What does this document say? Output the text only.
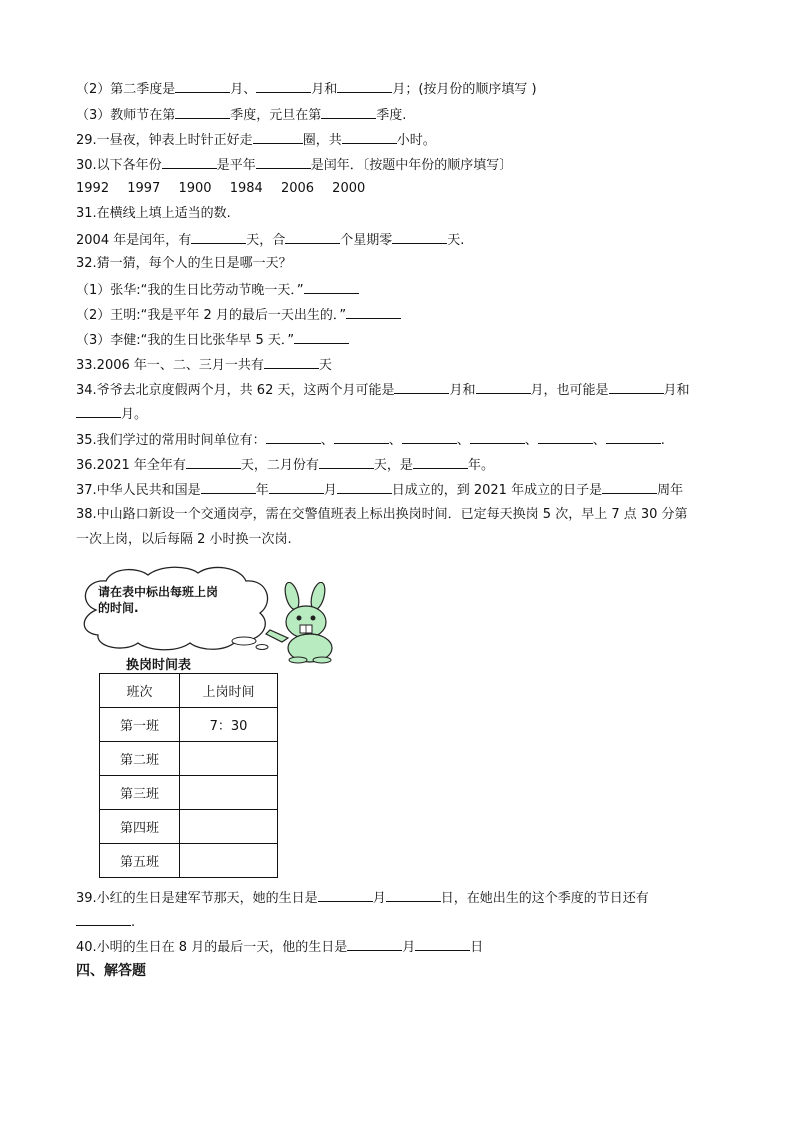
（2）第二季度是	月、	月和	月；(按月份的顺序填写 )
（3）教师节在第	季度，元旦在第	季度.
29.一昼夜，钟表上时针正好走	圈，共	小时。
30.以下各年份	是平年	是闰年．〔按题中年份的顺序填写〕
1992 1997 1900 1984 2006 2000
31.在横线上填上适当的数.
2004 年是闰年，有	天，合	个星期零	天.
32.猜一猜，每个人的生日是哪一天？
（1）张华:“我的生日比劳动节晚一天．”
（2）王明:“我是平年 2 月的最后一天出生的．”
（3）李健:“我的生日比张华早 5 天．”
33.2006 年一、二、三月一共有	天
34.爷爷去北京度假两个月，共 62 天，这两个月可能是	月和	月，也可能是	月和
月。
35.我们学过的常用时间单位有：	、	、	、	、	、	.
36.2021 年全年有	天，二月份有	天，是	年。
37.中华人民共和国是	年	月	日成立的，到 2021 年成立的日子是	周年
38.中山路口新设一个交通岗亭，需在交警值班表上标出换岗时间．已定每天换岗 5 次，早上 7 点 30 分第
一次上岗，以后每隔 2 小时换一次岗.
请在表中标出每班上岗
的时间.
换岗时间表
班次	上岗时间
第一班	7：30
第二班	
第三班	
第四班	
第五班	
39.小红的生日是建军节那天，她的生日是	月	日，在她出生的这个季度的节日还有
.
40.小明的生日在 8 月的最后一天，他的生日是	月	日
四、解答题
